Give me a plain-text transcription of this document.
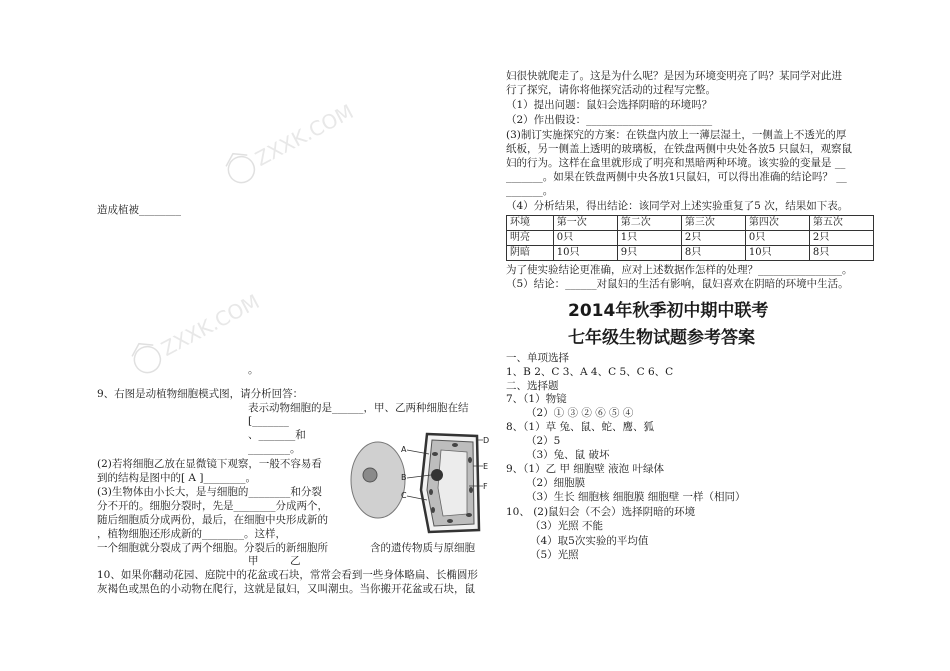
ZXXK.COM
ZXXK.COM
造成植被________
。
9、右图是动植物细胞模式图，请分析回答：
表示动物细胞的是______，甲、乙两种细胞在结
[_______
、_______和
________。
(2)若将细胞乙放在显微镜下观察，一般不容易看
到的结构是图中的[ A ]________。
(3)生物体由小长大，是与细胞的________和分裂
分不开的。细胞分裂时，先是________分成两个，
随后细胞质分成两份，最后，在细胞中央形成新的
，植物细胞还形成新的________。这样，
一个细胞就分裂成了两个细胞。分裂后的新细胞所	含的遗传物质与原细胞
甲	乙
10、如果你翻动花园、庭院中的花盆或石块，常常会看到一些身体略扁、长椭圆形
灰褐色或黑色的小动物在爬行，这就是鼠妇，又叫潮虫。当你搬开花盆或石块，鼠
A
B
C
D
E
F
妇很快就爬走了。这是为什么呢？是因为环境变明亮了吗？某同学对此进
行了探究，请你将他探究活动的过程写完整。
（1）提出问题：鼠妇会选择阴暗的环境吗？
（2）作出假设：________________________
(3)制订实施探究的方案：在铁盘内放上一薄层湿土，一侧盖上不透光的厚
纸板，另一侧盖上透明的玻璃板，在铁盘两侧中央处各放5 只鼠妇，观察鼠
妇的行为。这样在盒里就形成了明亮和黑暗两种环境。该实验的变量是 __
_______。如果在铁盘两侧中央各放1只鼠妇，可以得出准确的结论吗？ __
_______。
（4）分析结果，得出结论：该同学对上述实验重复了5 次，结果如下表。
环境	第一次	第二次	第三次	第四次	第五次
明亮	0只	1只	2只	0只	2只
阴暗	10只	9只	8只	10只	8只
为了使实验结论更准确，应对上述数据作怎样的处理？________________。
（5）结论：______对鼠妇的生活有影响，鼠妇喜欢在阴暗的环境中生活。
2014年秋季初中期中联考
七年级生物试题参考答案
一、单项选择
1、B 2、C 3、A 4、C 5、C 6、C
二、选择题
7、（1）物镜
（2）① ③ ② ⑥ ⑤ ④
8、（1）草 兔、鼠、蛇、鹰、狐
（2）5
（3）兔、鼠 破坏
9、（1）乙 甲 细胞壁 液泡 叶绿体
（2）细胞膜
（3）生长 细胞核 细胞膜 细胞壁 一样（相同）
10、 (2)鼠妇会（不会）选择阴暗的环境
（3）光照 不能
（4）取5次实验的平均值
（5）光照
